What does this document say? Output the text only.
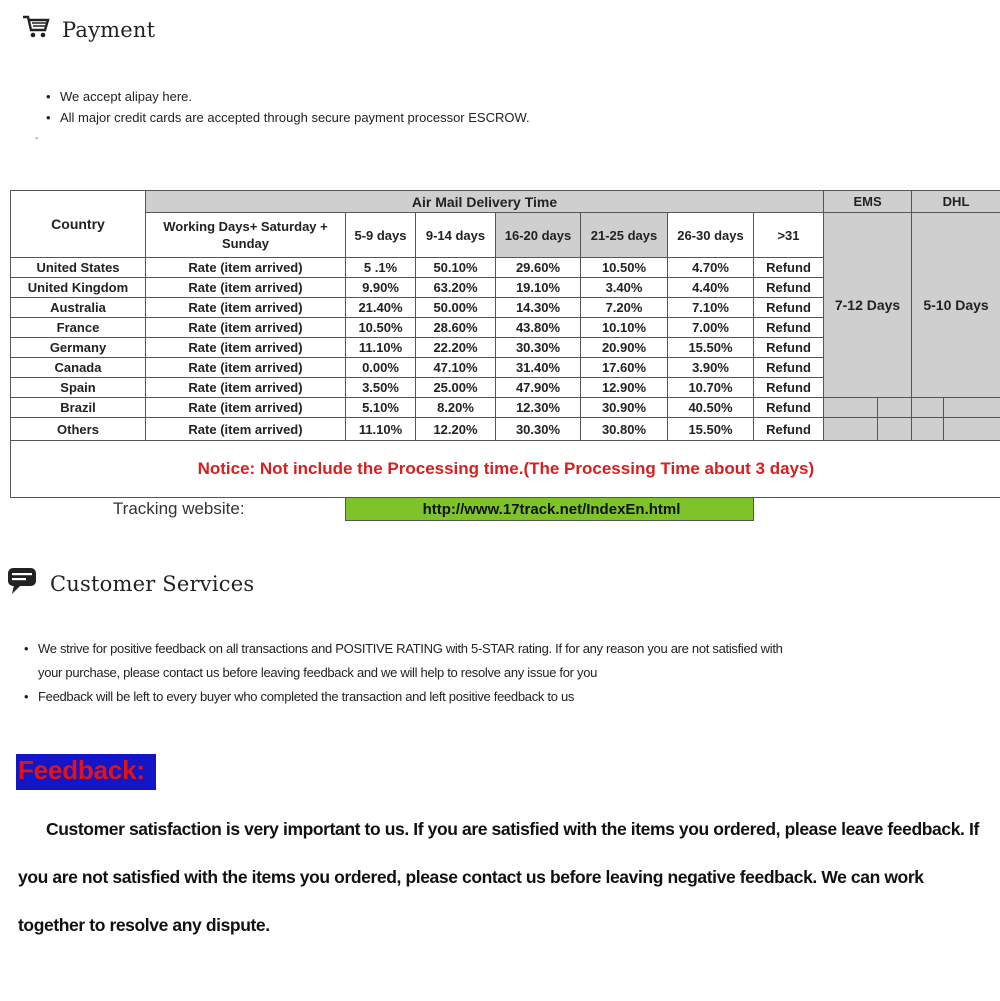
Payment
• We accept alipay here.
• All major credit cards are accepted through secure payment processor ESCROW.
-
Country	Air Mail Delivery Time							EMS		DHL	
	Working Days+ Saturday + Sunday	5-9 days	9-14 days	16-20 days	21-25 days	26-30 days	>31	7-12 Days		5-10 Days	
United States	Rate (item arrived)	5 .1%	50.10%	29.60%	10.50%	4.70%	Refund				
United Kingdom	Rate (item arrived)	9.90%	63.20%	19.10%	3.40%	4.40%	Refund				
Australia	Rate (item arrived)	21.40%	50.00%	14.30%	7.20%	7.10%	Refund				
France	Rate (item arrived)	10.50%	28.60%	43.80%	10.10%	7.00%	Refund				
Germany	Rate (item arrived)	11.10%	22.20%	30.30%	20.90%	15.50%	Refund				
Canada	Rate (item arrived)	0.00%	47.10%	31.40%	17.60%	3.90%	Refund				
Spain	Rate (item arrived)	3.50%	25.00%	47.90%	12.90%	10.70%	Refund				
Brazil	Rate (item arrived)	5.10%	8.20%	12.30%	30.90%	40.50%	Refund				
Others	Rate (item arrived)	11.10%	12.20%	30.30%	30.80%	15.50%	Refund				
Notice: Not include the Processing time.(The Processing Time about 3 days)
Tracking website:	http://www.17track.net/IndexEn.html	
Customer Services
• We strive for positive feedback on all transactions and POSITIVE RATING with 5-STAR rating. If for any reason you are not satisfied with your purchase, please contact us before leaving feedback and we will help to resolve any issue for you
• Feedback will be left to every buyer who completed the transaction and left positive feedback to us
Feedback:
Customer satisfaction is very important to us. If you are satisfied with the items you ordered, please leave feedback. If you are not satisfied with the items you ordered, please contact us before leaving negative feedback. We can work together to resolve any dispute.
